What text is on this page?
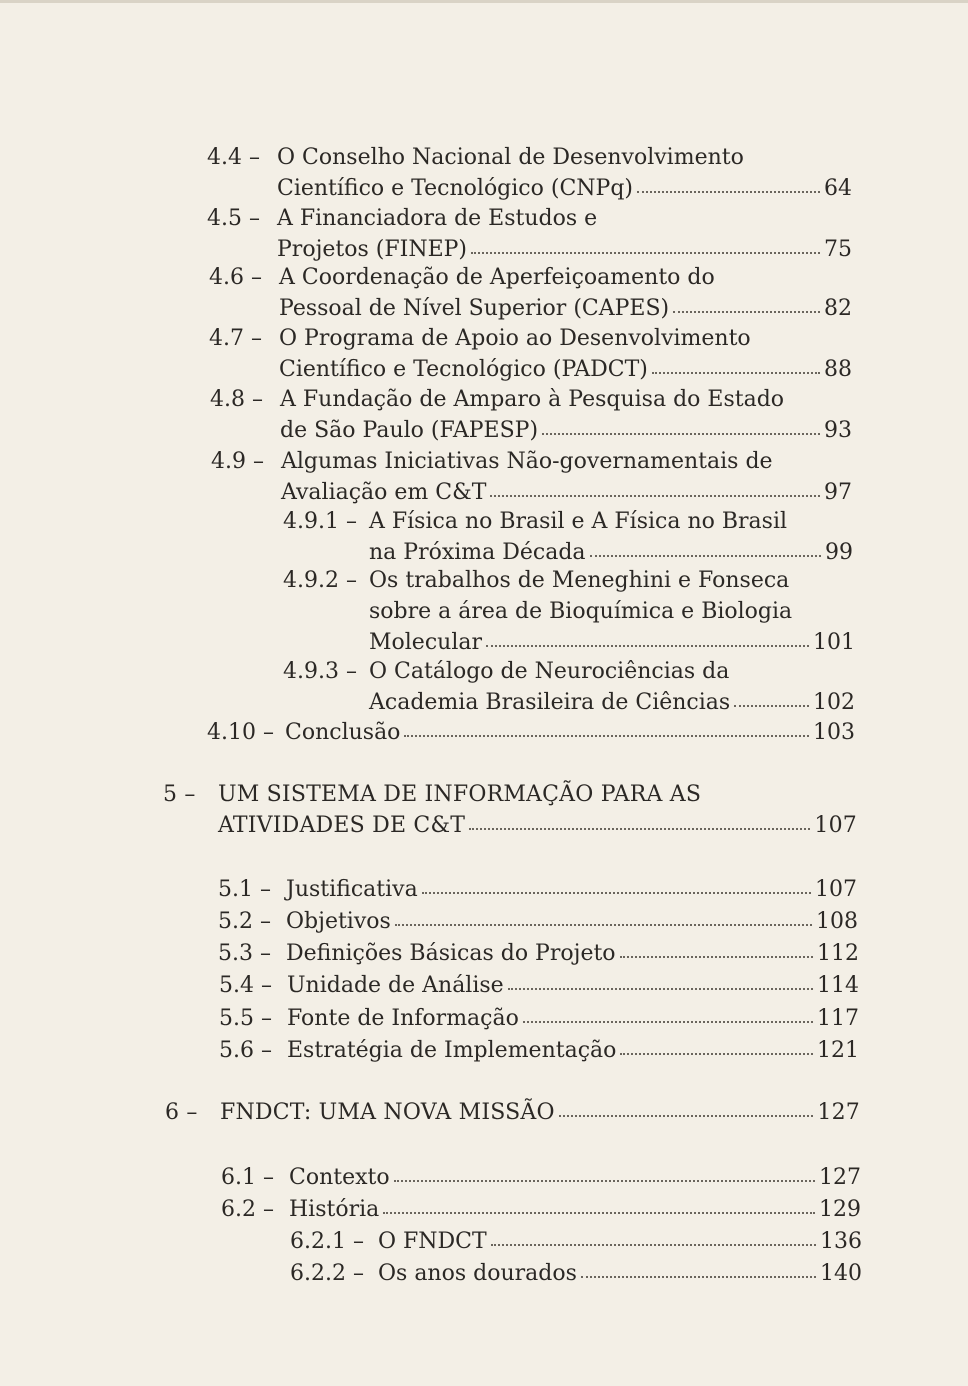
4.4 – O Conselho Nacional de Desenvolvimento
Científico e Tecnológico (CNPq)	64
4.5 – A Financiadora de Estudos e
Projetos (FINEP)	75
4.6 – A Coordenação de Aperfeiçoamento do
Pessoal de Nível Superior (CAPES)	82
4.7 – O Programa de Apoio ao Desenvolvimento
Científico e Tecnológico (PADCT)	88
4.8 – A Fundação de Amparo à Pesquisa do Estado
de São Paulo (FAPESP)	93
4.9 – Algumas Iniciativas Não-governamentais de
Avaliação em C&T	97
4.9.1 – A Física no Brasil e A Física no Brasil
na Próxima Década	99
4.9.2 – Os trabalhos de Meneghini e Fonseca
sobre a área de Bioquímica e Biologia
Molecular	101
4.9.3 – O Catálogo de Neurociências da
Academia Brasileira de Ciências	102
4.10 – Conclusão	103
5 –	UM SISTEMA DE INFORMAÇÃO PARA AS
ATIVIDADES DE C&T	107
5.1 – Justificativa	107
5.2 – Objetivos	108
5.3 – Definições Básicas do Projeto	112
5.4 – Unidade de Análise	114
5.5 – Fonte de Informação	117
5.6 – Estratégia de Implementação	121
6 –	FNDCT: UMA NOVA MISSÃO	127
6.1 – Contexto	127
6.2 – História	129
6.2.1 – O FNDCT	136
6.2.2 – Os anos dourados	140
